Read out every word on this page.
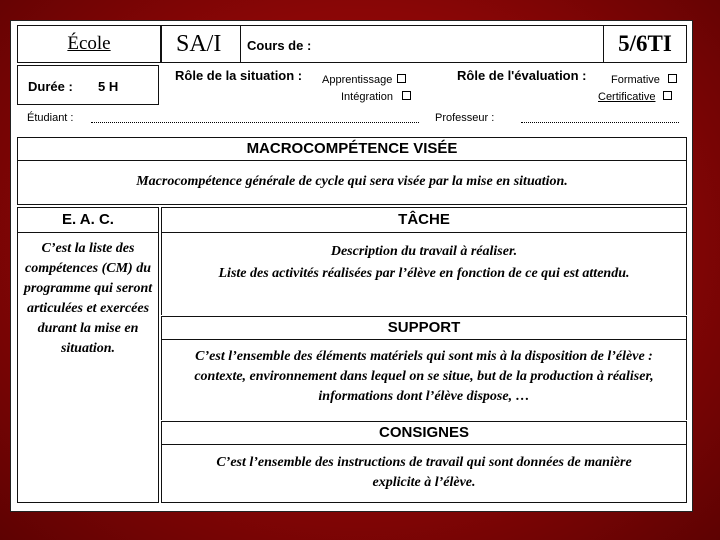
École	SA/I	Cours de :	5/6TI
Durée : 5 H
Rôle de la situation : Apprentissage
Intégration
Rôle de l'évaluation : Formative
Certificative
Étudiant :	Professeur :
MACROCOMPÉTENCE VISÉE
Macrocompétence générale de cycle qui sera visée par la mise en situation.
E. A. C.
C’est la liste des compétences (CM) du programme qui seront articulées et exercées durant la mise en situation.
TÂCHE
Description du travail à réaliser.
Liste des activités réalisées par l’élève en fonction de ce qui est attendu.
SUPPORT
C’est l’ensemble des éléments matériels qui sont mis à la disposition de l’élève : contexte, environnement dans lequel on se situe, but de la production à réaliser, informations dont l’élève dispose, …
CONSIGNES
C’est l’ensemble des instructions de travail qui sont données de manière explicite à l’élève.
